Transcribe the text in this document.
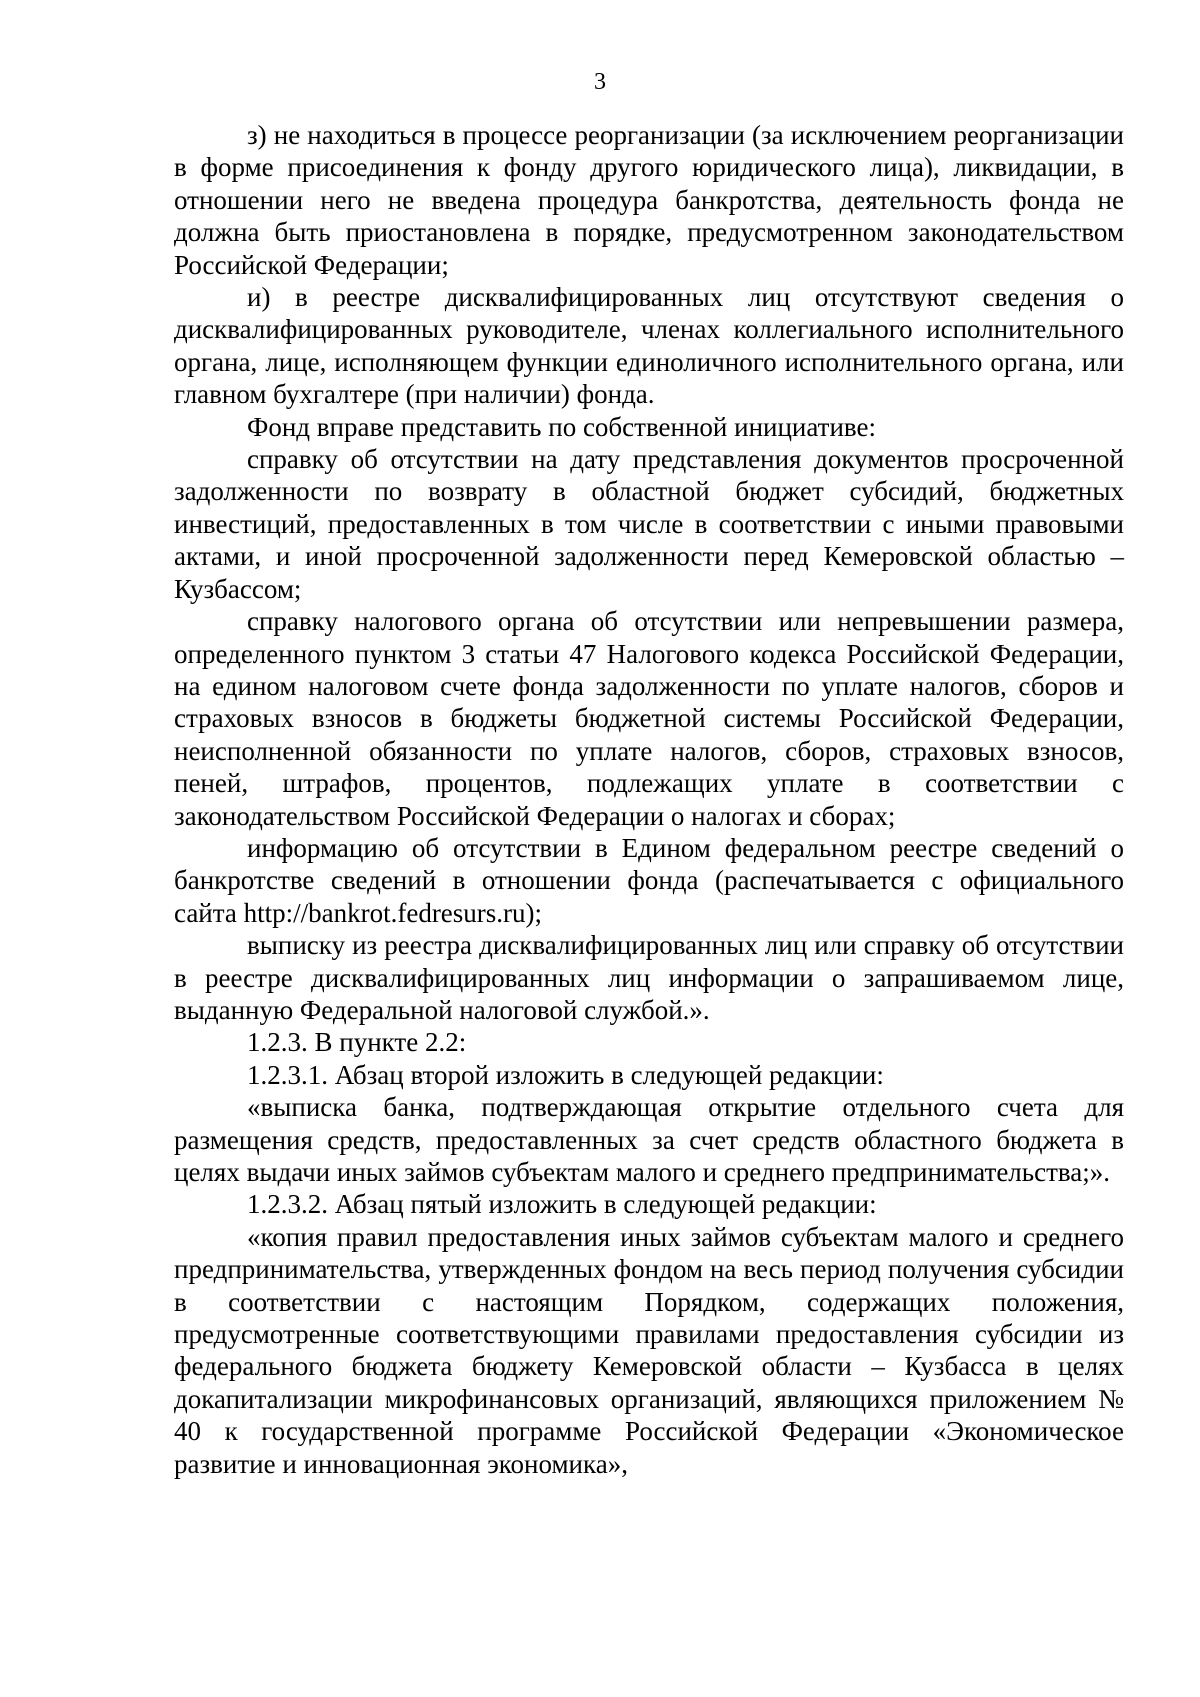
3

з) не находиться в процессе реорганизации (за исключением реорганизации в форме присоединения к фонду другого юридического лица), ликвидации, в отношении него не введена процедура банкротства, деятельность фонда не должна быть приостановлена в порядке, предусмотренном законодательством Российской Федерации;

и) в реестре дисквалифицированных лиц отсутствуют сведения о дисквалифицированных руководителе, членах коллегиального исполнительного органа, лице, исполняющем функции единоличного исполнительного органа, или главном бухгалтере (при наличии) фонда.

Фонд вправе представить по собственной инициативе:

справку об отсутствии на дату представления документов просроченной задолженности по возврату в областной бюджет субсидий, бюджетных инвестиций, предоставленных в том числе в соответствии с иными правовыми актами, и иной просроченной задолженности перед Кемеровской областью – Кузбассом;

справку налогового органа об отсутствии или непревышении размера, определенного пунктом 3 статьи 47 Налогового кодекса Российской Федерации, на едином налоговом счете фонда задолженности по уплате налогов, сборов и страховых взносов в бюджеты бюджетной системы Российской Федерации, неисполненной обязанности по уплате налогов, сборов, страховых взносов, пеней, штрафов, процентов, подлежащих уплате в соответствии с законодательством Российской Федерации о налогах и сборах;

информацию об отсутствии в Едином федеральном реестре сведений о банкротстве сведений в отношении фонда (распечатывается с официального сайта http://bankrot.fedresurs.ru);

выписку из реестра дисквалифицированных лиц или справку об отсутствии в реестре дисквалифицированных лиц информации о запрашиваемом лице, выданную Федеральной налоговой службой.».

1.2.3. В пункте 2.2:

1.2.3.1. Абзац второй изложить в следующей редакции:

«выписка банка, подтверждающая открытие отдельного счета для размещения средств, предоставленных за счет средств областного бюджета в целях выдачи иных займов субъектам малого и среднего предпринимательства;».

1.2.3.2. Абзац пятый изложить в следующей редакции:

«копия правил предоставления иных займов субъектам малого и среднего предпринимательства, утвержденных фондом на весь период получения субсидии в соответствии с настоящим Порядком, содержащих положения, предусмотренные соответствующими правилами предоставления субсидии из федерального бюджета бюджету Кемеровской области – Кузбасса в целях докапитализации микрофинансовых организаций, являющихся приложением № 40 к государственной программе Российской Федерации «Экономическое развитие и инновационная экономика»,
